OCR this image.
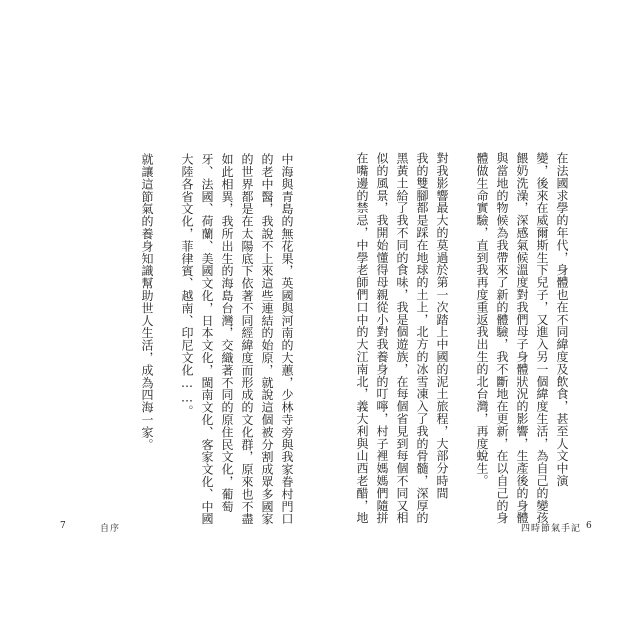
在法國求學的年代，身體也在不同緯度及飲食，甚至人文中演
變，後來在威爾斯生下兒子，又進入另一個緯度生活，為自己的變孩
餵奶洗澡，深感氣候溫度對我們母子身體狀況的影響，生產後的身體
與當地的物候為我帶來了新的體驗，我不斷地在更新，在以自己的身
體做生命實驗，直到我再度重返我出生的北台灣，再度蛻生。
對我影響最大的莫過於第一次踏上中國的泥土旅程，大部分時間
我的雙腳都是踩在地球的土上，北方的冰雪凍入了我的骨髓，深厚的
黑黃土給了我不同的食味，我是個遊族，在每個省見到每個不同又相
似的風景，我開始懂得母親從小對我養身的叮嚀，村子裡媽媽們隨拼
在嘴邊的禁忌，中學老師們口中的大江南北，義大利與山西老醋，地
中海與青島的無花果，英國與河南的大蕙，少林寺旁與我家眷村門口
的老中醫，我說不上來這些連結的始原，就說這個被分割成眾多國家
的世界都是在太陽底下依著不同經緯度而形成的文化群，原來也不盡
如此相異，我所出生的海島台灣，交織著不同的原住民文化，葡萄
牙、法國、荷蘭、美國文化，日本文化，閩南文化、客家文化、中國
大陸各省文化，菲律賓、越南、印尼文化……。
就讓這節氣的養身知識幫助世人生活，成為四海一家。
7	自序	四時節氣手記 6
